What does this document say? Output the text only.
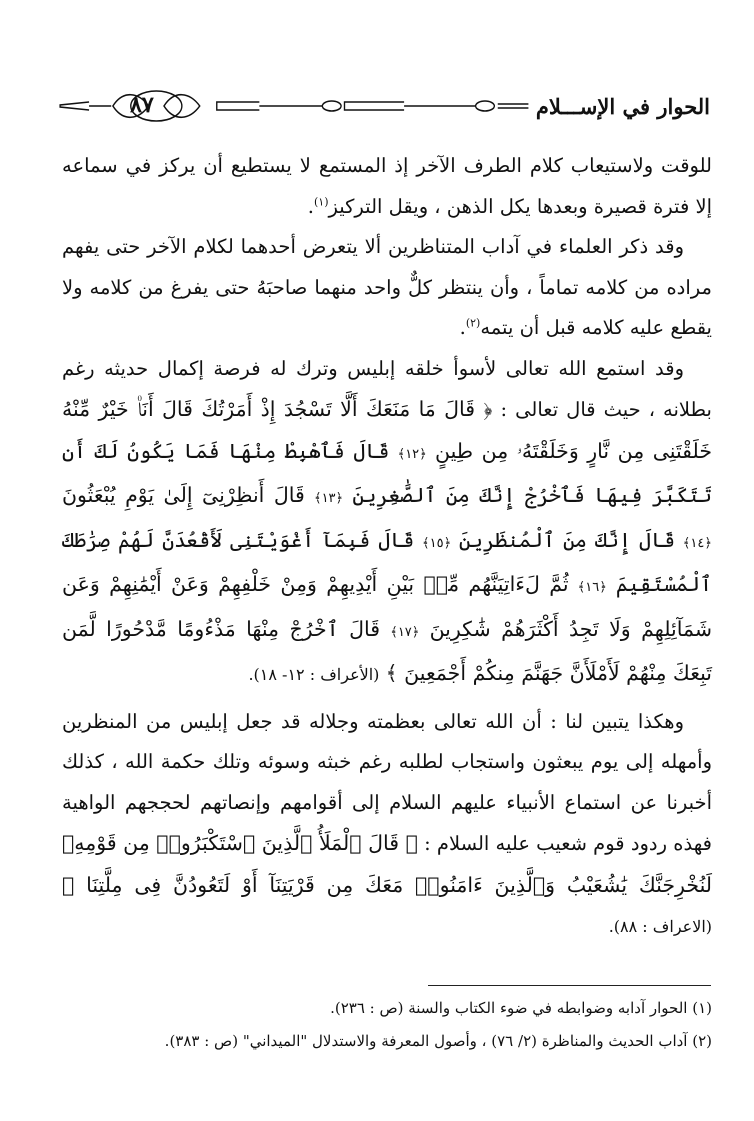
الحوار في الإســـلام
٨٧

للوقت ولاستيعاب كلام الطرف الآخر إذ المستمع لا يستطيع أن يركز في سماعه إلا فترة قصيرة وبعدها يكل الذهن ، ويقل التركيز$^{(١)}$.

وقد ذكر العلماء في آداب المتناظرين ألا يتعرض أحدهما لكلام الآخر حتى يفهم مراده من كلامه تماماً ، وأن ينتظر كلٌّ واحد منهما صاحبَهُ حتى يفرغ من كلامه ولا يقطع عليه كلامه قبل أن يتمه$^{(٢)}$.

وقد استمع الله تعالى لأسوأ خلقه إبليس وترك له فرصة إكمال حديثه رغم بطلانه ، حيث قال تعالى : ﴿ قَالَ مَا مَنَعَكَ أَلَّا تَسْجُدَ إِذْ أَمَرْتُكَ قَالَ أَنَا۠ خَيْرٌ مِّنْهُ خَلَقْتَنِى مِن نَّارٍ وَخَلَقْتَهُۥ مِن طِينٍ ﴿١٢﴾ قَالَ فَٱهْبِطْ مِنْهَا فَمَا يَكُونُ لَكَ أَن تَتَكَبَّرَ فِيهَا فَٱخْرُجْ إِنَّكَ مِنَ ٱلصَّٰغِرِينَ ﴿١٣﴾ قَالَ أَنظِرْنِىٓ إِلَىٰ يَوْمِ يُبْعَثُونَ ﴿١٤﴾ قَالَ إِنَّكَ مِنَ ٱلْمُنظَرِينَ ﴿١٥﴾ قَالَ فَبِمَآ أَغْوَيْتَنِى لَأَقْعُدَنَّ لَهُمْ صِرَٰطَكَ ٱلْمُسْتَقِيمَ ﴿١٦﴾ ثُمَّ لَءَاتِيَنَّهُم مِّنۢ بَيْنِ أَيْدِيهِمْ وَمِنْ خَلْفِهِمْ وَعَنْ أَيْمَٰنِهِمْ وَعَن شَمَآئِلِهِمْ وَلَا تَجِدُ أَكْثَرَهُمْ شَٰكِرِينَ ﴿١٧﴾ قَالَ ٱخْرُجْ مِنْهَا مَذْءُومًا مَّدْحُورًا لَّمَن تَبِعَكَ مِنْهُمْ لَأَمْلَأَنَّ جَهَنَّمَ مِنكُمْ أَجْمَعِينَ ﴾ (الأعراف : ١٢- ١٨).

وهكذا يتبين لنا : أن الله تعالى بعظمته وجلاله قد جعل إبليس من المنظرين وأمهله إلى يوم يبعثون واستجاب لطلبه رغم خبثه وسوئه وتلك حكمة الله ، كذلك أخبرنا عن استماع الأنبياء عليهم السلام إلى أقوامهم وإنصاتهم لحججهم الواهية فهذه ردود قوم شعيب عليه السلام : ﴿ قَالَ ٱلْمَلَأُ ٱلَّذِينَ ٱسْتَكْبَرُوا۟ مِن قَوْمِهِۦ لَنُخْرِجَنَّكَ يَٰشُعَيْبُ وَٱلَّذِينَ ءَامَنُوا۟ مَعَكَ مِن قَرْيَتِنَآ أَوْ لَتَعُودُنَّ فِى مِلَّتِنَا ﴾ (الاعراف : ٨٨).

(١) الحوار آدابه وضوابطه في ضوء الكتاب والسنة (ص : ٢٣٦).
(٢) آداب الحديث والمناظرة (٢/ ٧٦) ، وأصول المعرفة والاستدلال "الميداني" (ص : ٣٨٣).
